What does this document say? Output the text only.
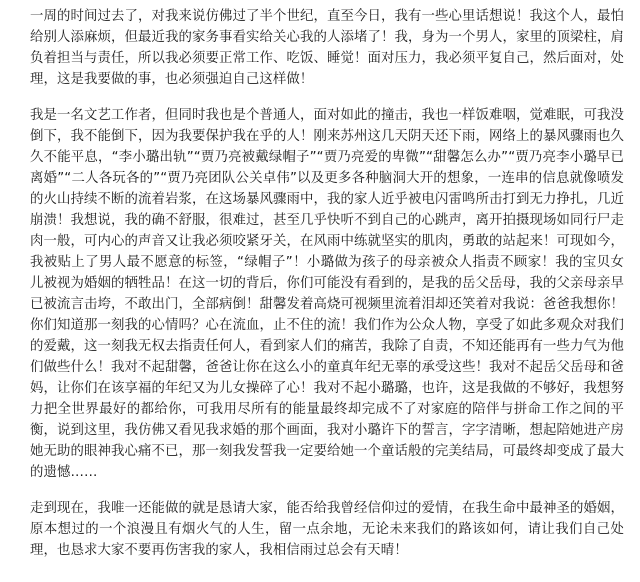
一周的时间过去了，对我来说仿佛过了半个世纪，直至今日，我有一些心里话想说！我这个人，最怕给别人添麻烦，但最近我的家务事看实给关心我的人添堵了！我，身为一个男人，家里的顶梁柱，肩负着担当与责任，所以我必须要正常工作、吃饭、睡觉！面对压力，我必须平复自己，然后面对，处理，这是我要做的事，也必须强迫自己这样做！

我是一名文艺工作者，但同时我也是个普通人，面对如此的撞击，我也一样饭难咽，觉难眠，可我没倒下，我不能倒下，因为我要保护我在乎的人！刚来苏州这几天阴天还下雨，网络上的暴风骤雨也久久不能平息，“李小璐出轨”“贾乃亮被戴绿帽子”“贾乃亮爱的卑微”“甜馨怎么办”“贾乃亮李小璐早已离婚”“二人各玩各的”“贾乃亮团队公关卓伟”以及更多各种脑洞大开的想象，一连串的信息就像喷发的火山持续不断的流着岩浆，在这场暴风骤雨中，我的家人近乎被电闪雷鸣所击打到无力挣扎，几近崩溃！我想说，我的确不舒服，很难过，甚至几乎快听不到自己的心跳声，离开拍摄现场如同行尸走肉一般，可内心的声音又让我必须咬紧牙关，在风雨中练就坚实的肌肉，勇敢的站起来！可现如今，我被贴上了男人最不愿意的标签，“绿帽子”！小璐做为孩子的母亲被众人指责不顾家！我的宝贝女儿被视为婚姻的牺牲品！在这一切的背后，你们可能没有看到的，是我的岳父岳母，我的父亲母亲早已被流言击垮，不敢出门，全部病倒！甜馨发着高烧可视频里流着泪却还笑着对我说：爸爸我想你！你们知道那一刻我的心情吗？心在流血，止不住的流！我们作为公众人物，享受了如此多观众对我们的爱戴，这一刻我无权去指责任何人，看到家人们的痛苦，我除了自责，不知还能再有一些力气为他们做些什么！我对不起甜馨，爸爸让你在这么小的童真年纪无辜的承受这些！我对不起岳父岳母和爸妈，让你们在该享福的年纪又为儿女操碎了心！我对不起小璐璐，也许，这是我做的不够好，我想努力把全世界最好的都给你，可我用尽所有的能量最终却完成不了对家庭的陪伴与拼命工作之间的平衡，说到这里，我仿佛又看见我求婚的那个画面，我对小璐许下的誓言，字字清晰，想起陪她进产房她无助的眼神我心痛不已，那一刻我发誓我一定要给她一个童话般的完美结局，可最终却变成了最大的遗憾……

走到现在，我唯一还能做的就是恳请大家，能否给我曾经信仰过的爱情，在我生命中最神圣的婚姻，原本想过的一个浪漫且有烟火气的人生，留一点余地，无论未来我们的路该如何，请让我们自己处理，也恳求大家不要再伤害我的家人，我相信雨过总会有天晴！
